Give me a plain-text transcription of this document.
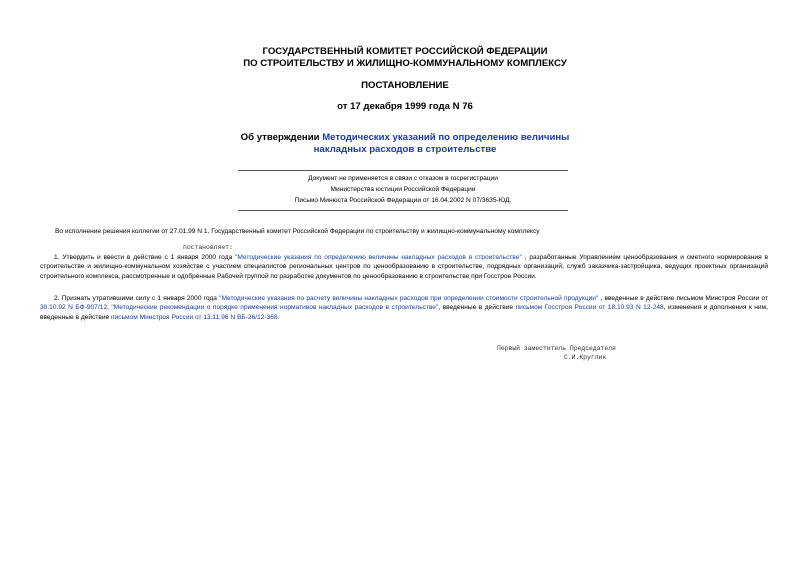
ГОСУДАРСТВЕННЫЙ КОМИТЕТ РОССИЙСКОЙ ФЕДЕРАЦИИ
ПО СТРОИТЕЛЬСТВУ И ЖИЛИЩНО-КОММУНАЛЬНОМУ КОМПЛЕКСУ
ПОСТАНОВЛЕНИЕ
от 17 декабря 1999 года N 76
Об утверждении Методических указаний по определению величины
накладных расходов в строительстве
Документ не применяется в связи с отказом в госрегистрации
Министерства юстиции Российской Федерации
Письмо Минюста Российской Федерации от 16.04.2002 N 07/3635-ЮД.
Во исполнение решения коллегии от 27.01.99 N 1, Государственный комитет Российской Федерации по строительству и жилищно-коммунальному комплексу
постановляет:
1. Утвердить и ввести в действие с 1 января 2000 года "Методические указания по определению величины накладных расходов в строительстве" , разработанные Управлением ценообразования и сметного нормирования в строительстве и жилищно-коммунальном хозяйстве с участием специалистов региональных центров по ценообразованию в строительстве, подрядных организаций, служб заказчика-застройщика, ведущих проектных организаций строительного комплекса, рассмотренные и одобренные Рабочей группой по разработке документов по ценообразованию в строительстве при Госстрое России.
2. Признать утратившими силу с 1 января 2000 года "Методические указания по расчету величины накладных расходов при определении стоимости строительной продукции" , введенные в действие письмом Минстроя России от 30.10.92 N БФ-907/12, "Методические рекомендации о порядке применения нормативов накладных расходов в строительстве", введенные в действие письмом Госстроя России от 18.10.93 N 12-248, изменения и дополнения к ним, введенные в действие письмом Минстроя России от 13.11.96 N ВБ-26/12-368.
Первый заместитель Председателя
С.И.Круглик
